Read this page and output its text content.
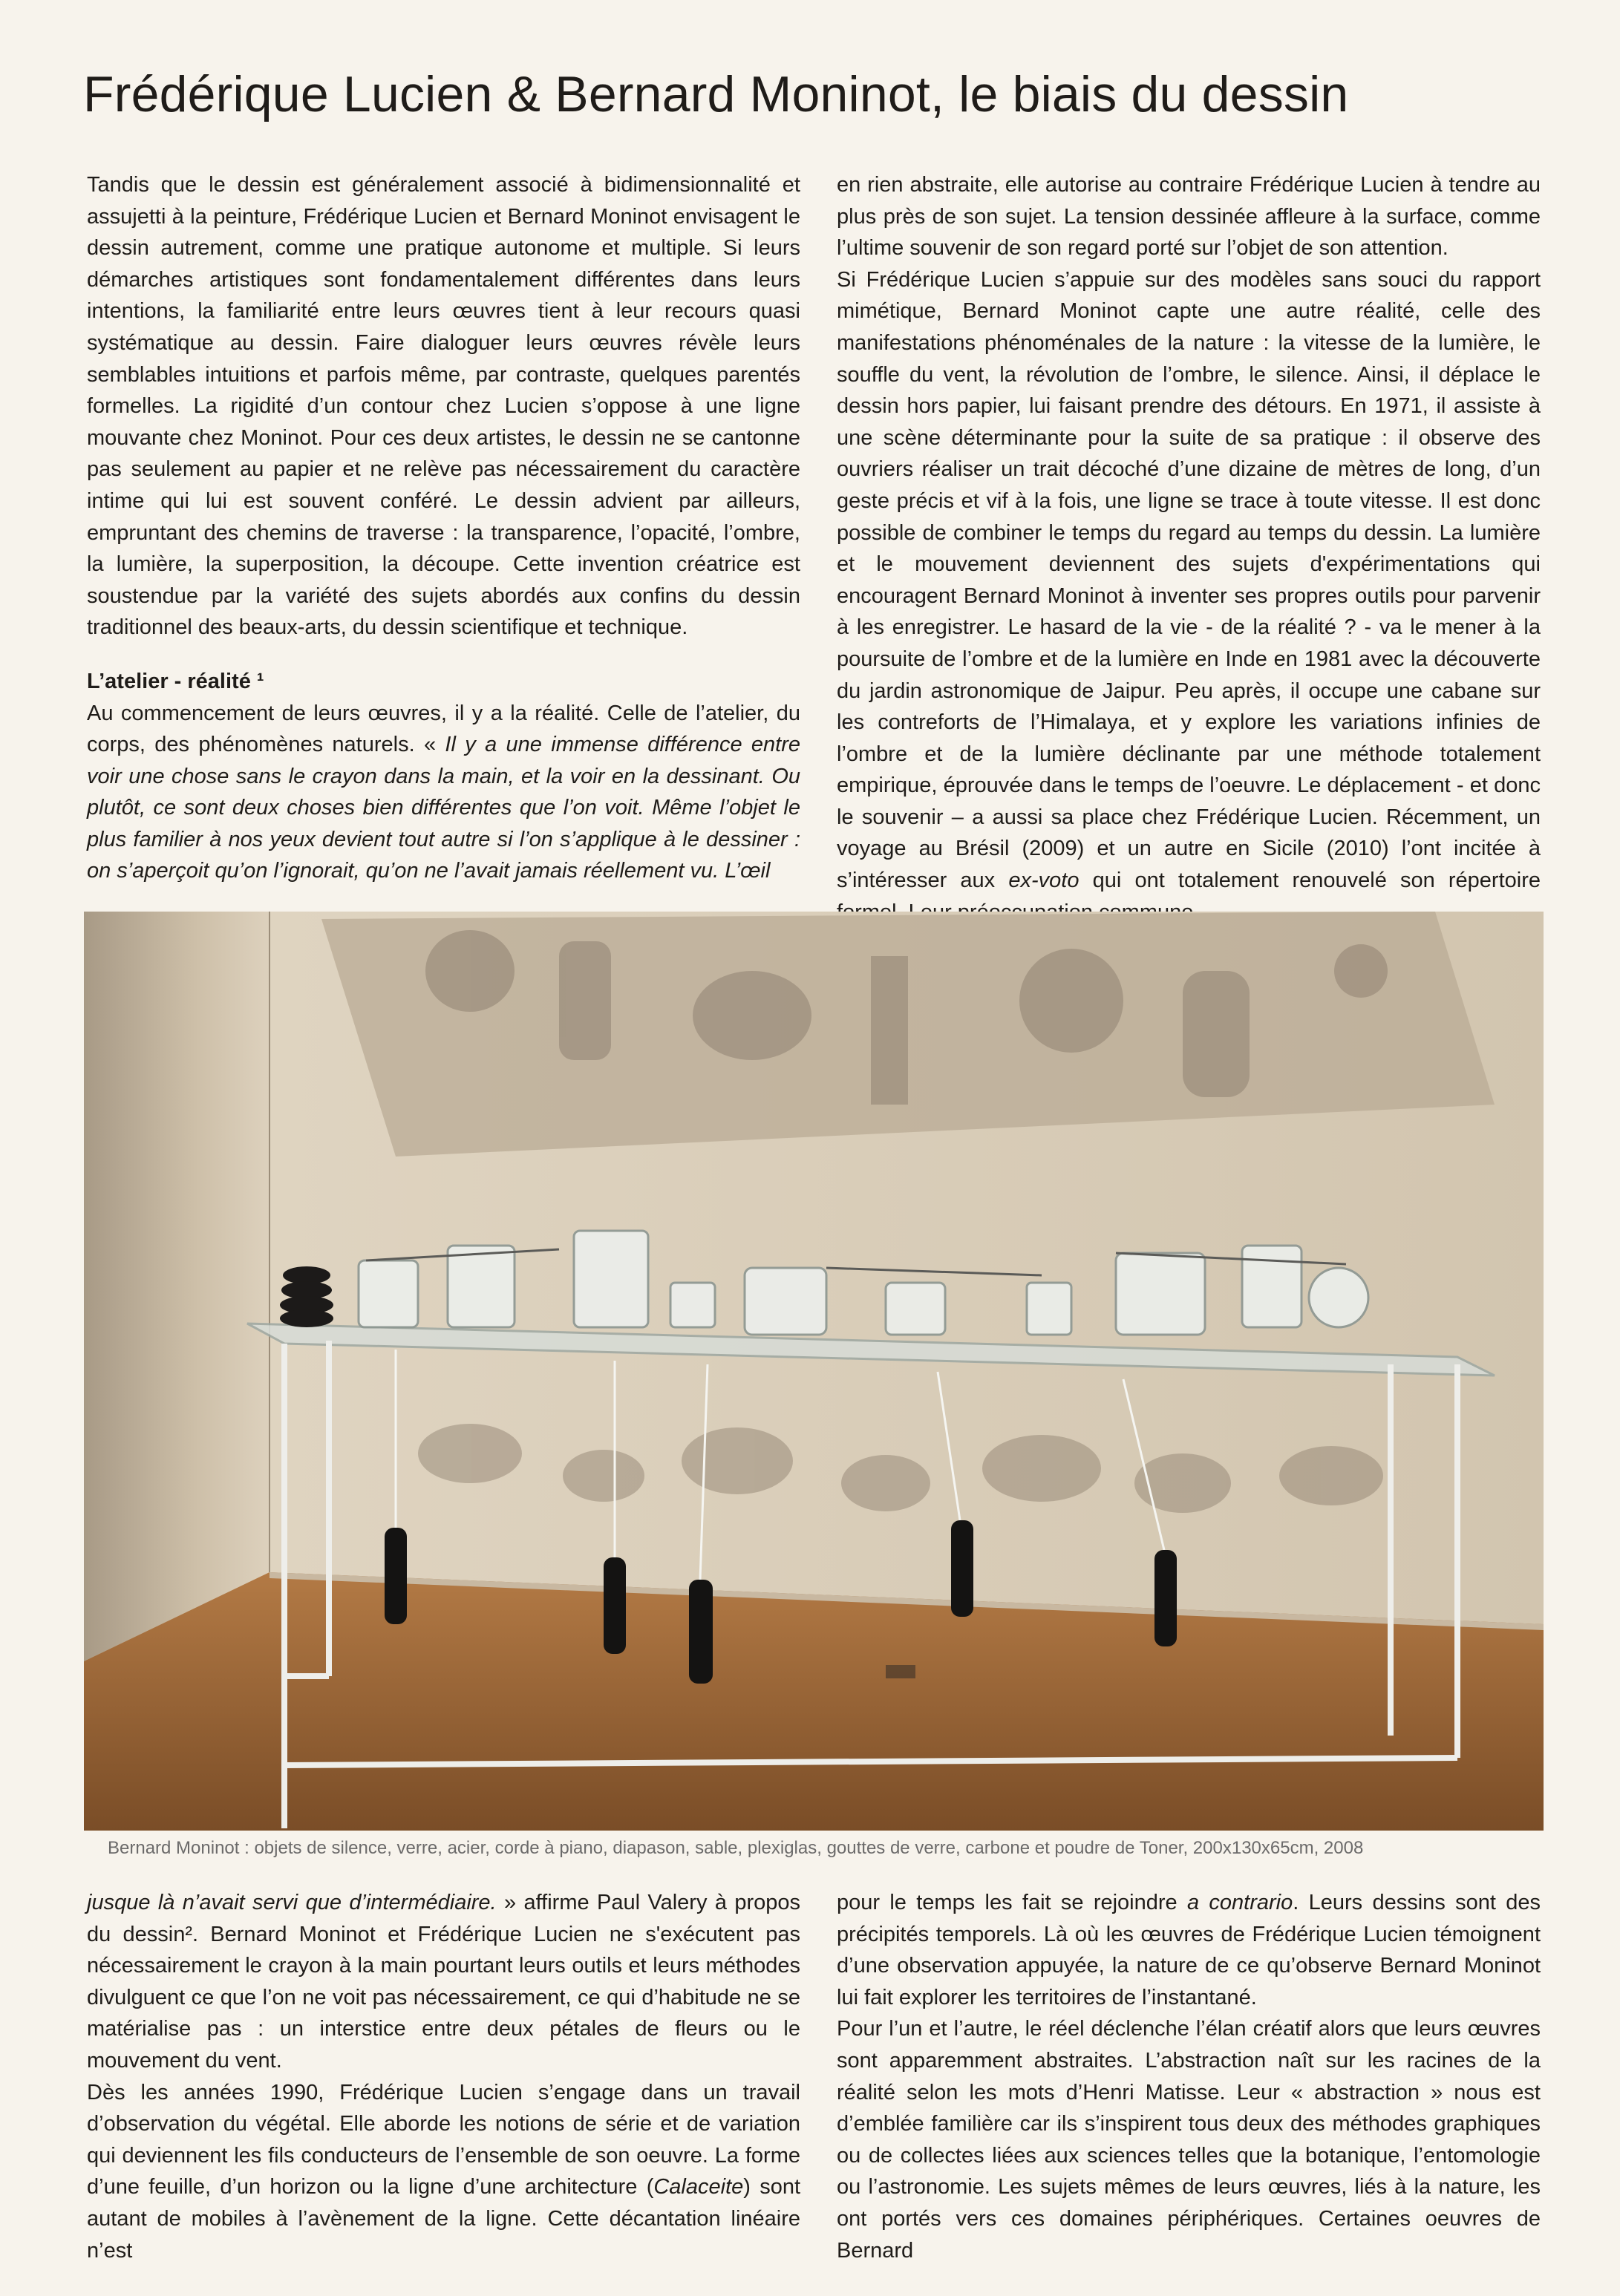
Frédérique Lucien & Bernard Moninot, le biais du dessin

Tandis que le dessin est généralement associé à bidimensionnalité et assujetti à la peinture, Frédérique Lucien et Bernard Moninot envisagent le dessin autrement, comme une pratique autonome et multiple. Si leurs démarches artistiques sont fondamentalement différentes dans leurs intentions, la familiarité entre leurs œuvres tient à leur recours quasi systématique au dessin. Faire dialoguer leurs œuvres révèle leurs semblables intuitions et parfois même, par contraste, quelques parentés formelles. La rigidité d’un contour chez Lucien s’oppose à une ligne mouvante chez Moninot. Pour ces deux artistes, le dessin ne se cantonne pas seulement au papier et ne relève pas nécessairement du caractère intime qui lui est souvent conféré. Le dessin advient par ailleurs, empruntant des chemins de traverse : la transparence, l’opacité, l’ombre, la lumière, la superposition, la découpe. Cette invention créatrice est soustendue par la variété des sujets abordés aux confins du dessin traditionnel des beaux-arts, du dessin scientifique et technique.

L’atelier - réalité ¹

Au commencement de leurs œuvres, il y a la réalité. Celle de l’atelier, du corps, des phénomènes naturels. « Il y a une immense différence entre voir une chose sans le crayon dans la main, et la voir en la dessinant. Ou plutôt, ce sont deux choses bien différentes que l’on voit. Même l’objet le plus familier à nos yeux devient tout autre si l’on s’applique à le dessiner : on s’aperçoit qu’on l’ignorait, qu’on ne l’avait jamais réellement vu. L’œil

en rien abstraite, elle autorise au contraire Frédérique Lucien à tendre au plus près de son sujet. La tension dessinée affleure à la surface, comme l’ultime souvenir de son regard porté sur l’objet de son attention.

Si Frédérique Lucien s’appuie sur des modèles sans souci du rapport mimétique, Bernard Moninot capte une autre réalité, celle des manifestations phénoménales de la nature : la vitesse de la lumière, le souffle du vent, la révolution de l’ombre, le silence. Ainsi, il déplace le dessin hors papier, lui faisant prendre des détours. En 1971, il assiste à une scène déterminante pour la suite de sa pratique : il observe des ouvriers réaliser un trait décoché d’une dizaine de mètres de long, d’un geste précis et vif à la fois, une ligne se trace à toute vitesse. Il est donc possible de combiner le temps du regard au temps du dessin. La lumière et le mouvement deviennent des sujets d'expérimentations qui encouragent Bernard Moninot à inventer ses propres outils pour parvenir à les enregistrer. Le hasard de la vie - de la réalité ? - va le mener à la poursuite de l’ombre et de la lumière en Inde en 1981 avec la découverte du jardin astronomique de Jaipur. Peu après, il occupe une cabane sur les contreforts de l’Himalaya, et y explore les variations infinies de l’ombre et de la lumière déclinante par une méthode totalement empirique, éprouvée dans le temps de l’oeuvre. Le déplacement - et donc le souvenir – a aussi sa place chez Frédérique Lucien. Récemment, un voyage au Brésil (2009) et un autre en Sicile (2010) l’ont incitée à s’intéresser aux ex-voto qui ont totalement renouvelé son répertoire

Bernard Moninot : objets de silence, verre, acier, corde à piano, diapason, sable, plexiglas, gouttes de verre, carbone et poudre de Toner, 200x130x65cm, 2008

jusque là n’avait servi que d’intermédiaire. » affirme Paul Valery à propos du dessin². Bernard Moninot et Frédérique Lucien ne s'exécutent pas nécessairement le crayon à la main pourtant leurs outils et leurs méthodes divulguent ce que l’on ne voit pas nécessairement, ce qui d’habitude ne se matérialise pas : un interstice entre deux pétales de fleurs ou le mouvement du vent.

Dès les années 1990, Frédérique Lucien s’engage dans un travail d’observation du végétal. Elle aborde les notions de série et de variation qui deviennent les fils conducteurs de l’ensemble de son oeuvre. La forme d’une feuille, d’un horizon ou la ligne d’une architecture (Calaceite) sont autant de mobiles à l’avènement de la ligne. Cette décantation linéaire n’est

pour le temps les fait se rejoindre a contrario. Leurs dessins sont des précipités temporels. Là où les œuvres de Frédérique Lucien témoignent d’une observation appuyée, la nature de ce qu’observe Bernard Moninot lui fait explorer les territoires de l’instantané.

Pour l’un et l’autre, le réel déclenche l’élan créatif alors que leurs œuvres sont apparemment abstraites. L’abstraction naît sur les racines de la réalité selon les mots d’Henri Matisse. Leur « abstraction » nous est d’emblée familière car ils s’inspirent tous deux des méthodes graphiques ou de collectes liées aux sciences telles que la botanique, l’entomologie ou l’astronomie. Les sujets mêmes de leurs œuvres, liés à la nature, les ont portés vers ces domaines périphériques. Certaines oeuvres de Bernard
